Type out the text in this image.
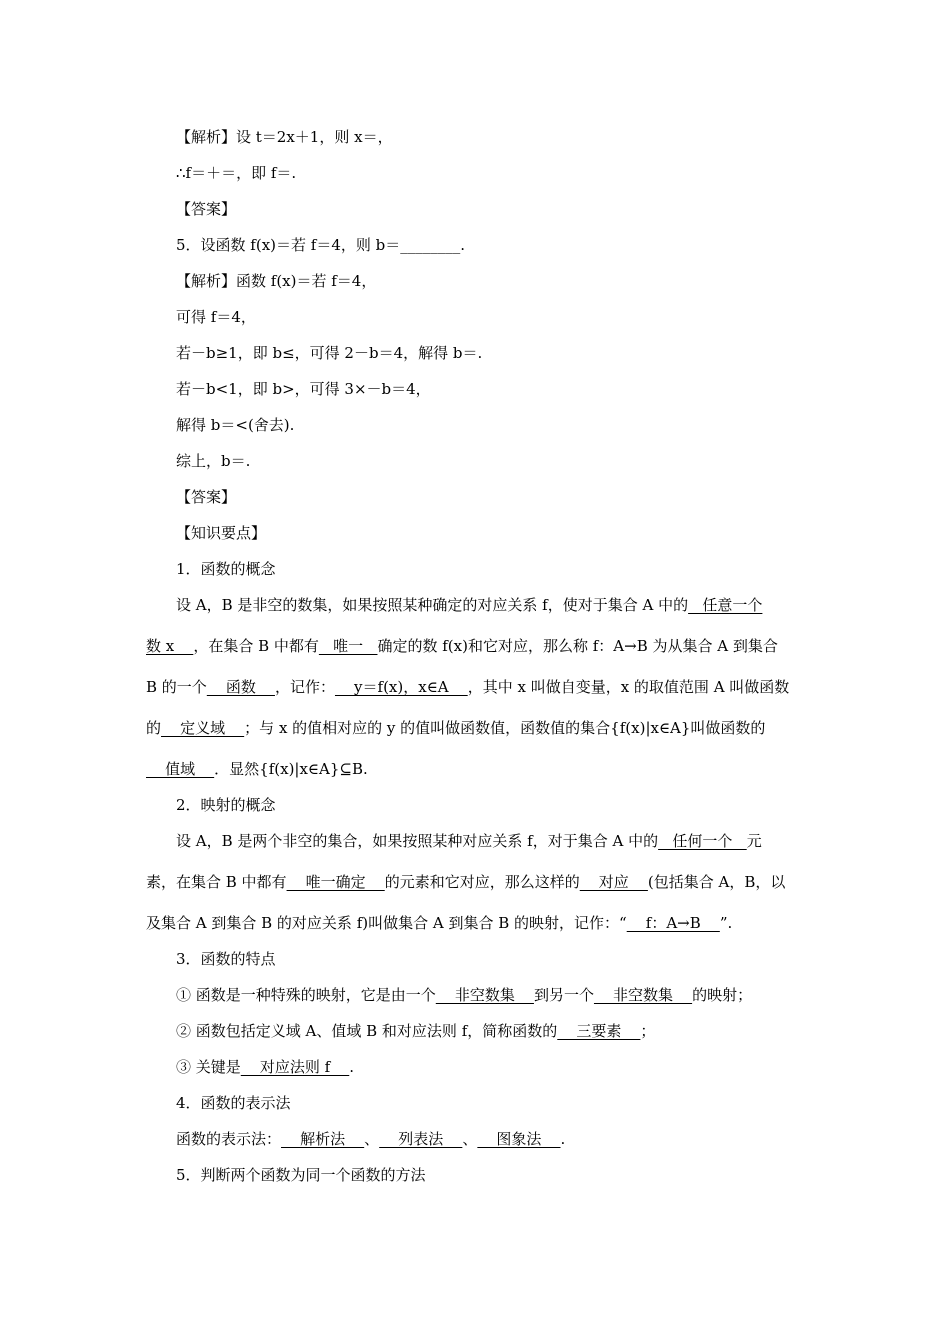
【解析】设 t＝2x＋1，则 x＝，
∴f＝＋＝，即 f＝.
【答案】
5．设函数 f(x)＝若 f＝4，则 b＝________.
【解析】函数 f(x)＝若 f＝4，
可得 f＝4，
若－b≥1，即 b≤，可得 2－b＝4，解得 b＝.
若－b<1，即 b>，可得 3×－b＝4，
解得 b＝<(舍去).
综上，b＝.
【答案】
【知识要点】
1．函数的概念
设 A，B 是非空的数集，如果按照某种确定的对应关系 f，使对于集合 A 中的   任意一个
数 x    ，在集合 B 中都有   唯一   确定的数 f(x)和它对应，那么称 f：A→B 为从集合 A 到集合
B 的一个    函数    ，记作：    y＝f(x)，x∈A    ，其中 x 叫做自变量，x 的取值范围 A 叫做函数
的    定义域    ；与 x 的值相对应的 y 的值叫做函数值，函数值的集合{f(x)|x∈A}叫做函数的
值域    ．显然{f(x)|x∈A}⊆B.
2．映射的概念
设 A，B 是两个非空的集合，如果按照某种对应关系 f，对于集合 A 中的   任何一个   元
素，在集合 B 中都有    唯一确定    的元素和它对应，那么这样的    对应    (包括集合 A，B，以
及集合 A 到集合 B 的对应关系 f)叫做集合 A 到集合 B 的映射，记作：“    f：A→B    ”.
3．函数的特点
① 函数是一种特殊的映射，它是由一个    非空数集    到另一个    非空数集    的映射；
② 函数包括定义域 A、值域 B 和对应法则 f，简称函数的    三要素    ；
③ 关键是    对应法则 f    .
4．函数的表示法
函数的表示法：    解析法    、    列表法    、    图象法    .
5．判断两个函数为同一个函数的方法
